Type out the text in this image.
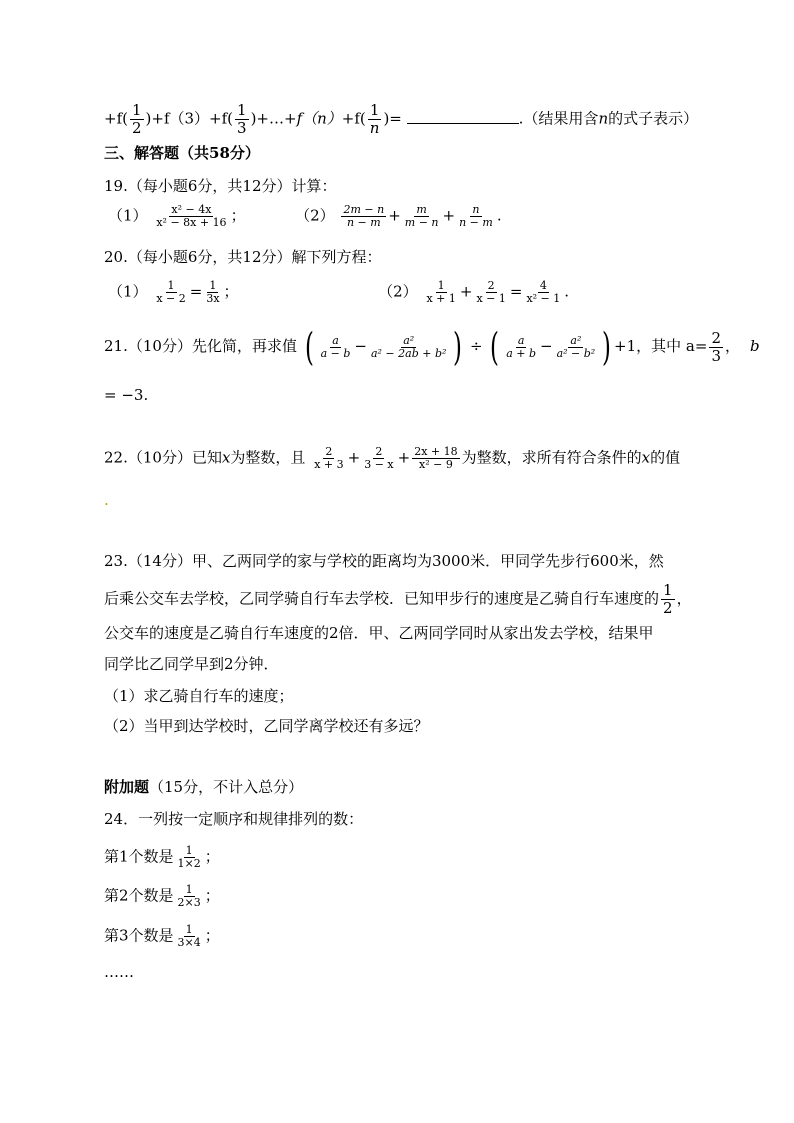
$+f( \frac{1}{2} )+f(3)+f( \frac{1}{3}$ )+…+f（n）+f( $\frac{1}{n}$ )=	.（结果用含n的式子表示）
三、解答题（共58分）
19.（每小题6分，共12分）计算：
$(1) \frac{\text{x² − 4x}}{\text{x² − 8x + 16}}$ ；	$(2) \frac{2m - n}{n - m} + \frac{m}{m - n} + \frac{n}{n - m}$ .
20.（每小题6分，共12分）解下列方程：
$(1) \frac{1}{x - 2} = \frac{1}{3x}$ ；	$(2) \frac{1}{x + 1} + \frac{2}{x - 1} = \frac{4}{\text{x² − 1}}$ .
21.（10分）先化简，再求值 ( $\frac{a}{a - b} - \frac{\text{a²}}{\text{a² − 2ab + b²}}$ ) ÷ ( $\frac{a}{a + b} - \frac{\text{a²}}{\text{a² − b²}}$ ) +1，其中 $a= \frac{2}{3}$ ， b
= −3.
22.（10分）已知x为整数，且 $\frac{2}{x + 3} + \frac{2}{3 - x} + \frac{2x + 18}{\text{x² − 9}}$ 为整数，求所有符合条件的x的值
.
23.（14分）甲、乙两同学的家与学校的距离均为3000米．甲同学先步行600米，然
后乘公交车去学校，乙同学骑自行车去学校．已知甲步行的速度是乙骑自行车速度的 $\frac{1}{2}$ ，
公交车的速度是乙骑自行车速度的2倍．甲、乙两同学同时从家出发去学校，结果甲
同学比乙同学早到2分钟．
（1）求乙骑自行车的速度；
（2）当甲到达学校时，乙同学离学校还有多远？
附加题（15分，不计入总分）
24．一列按一定顺序和规律排列的数：
第1个数是 $\frac{1}{1\times 2}$ ；
第2个数是 $\frac{1}{2\times 3}$ ；
第3个数是 $\frac{1}{3\times 4}$ ；
……
